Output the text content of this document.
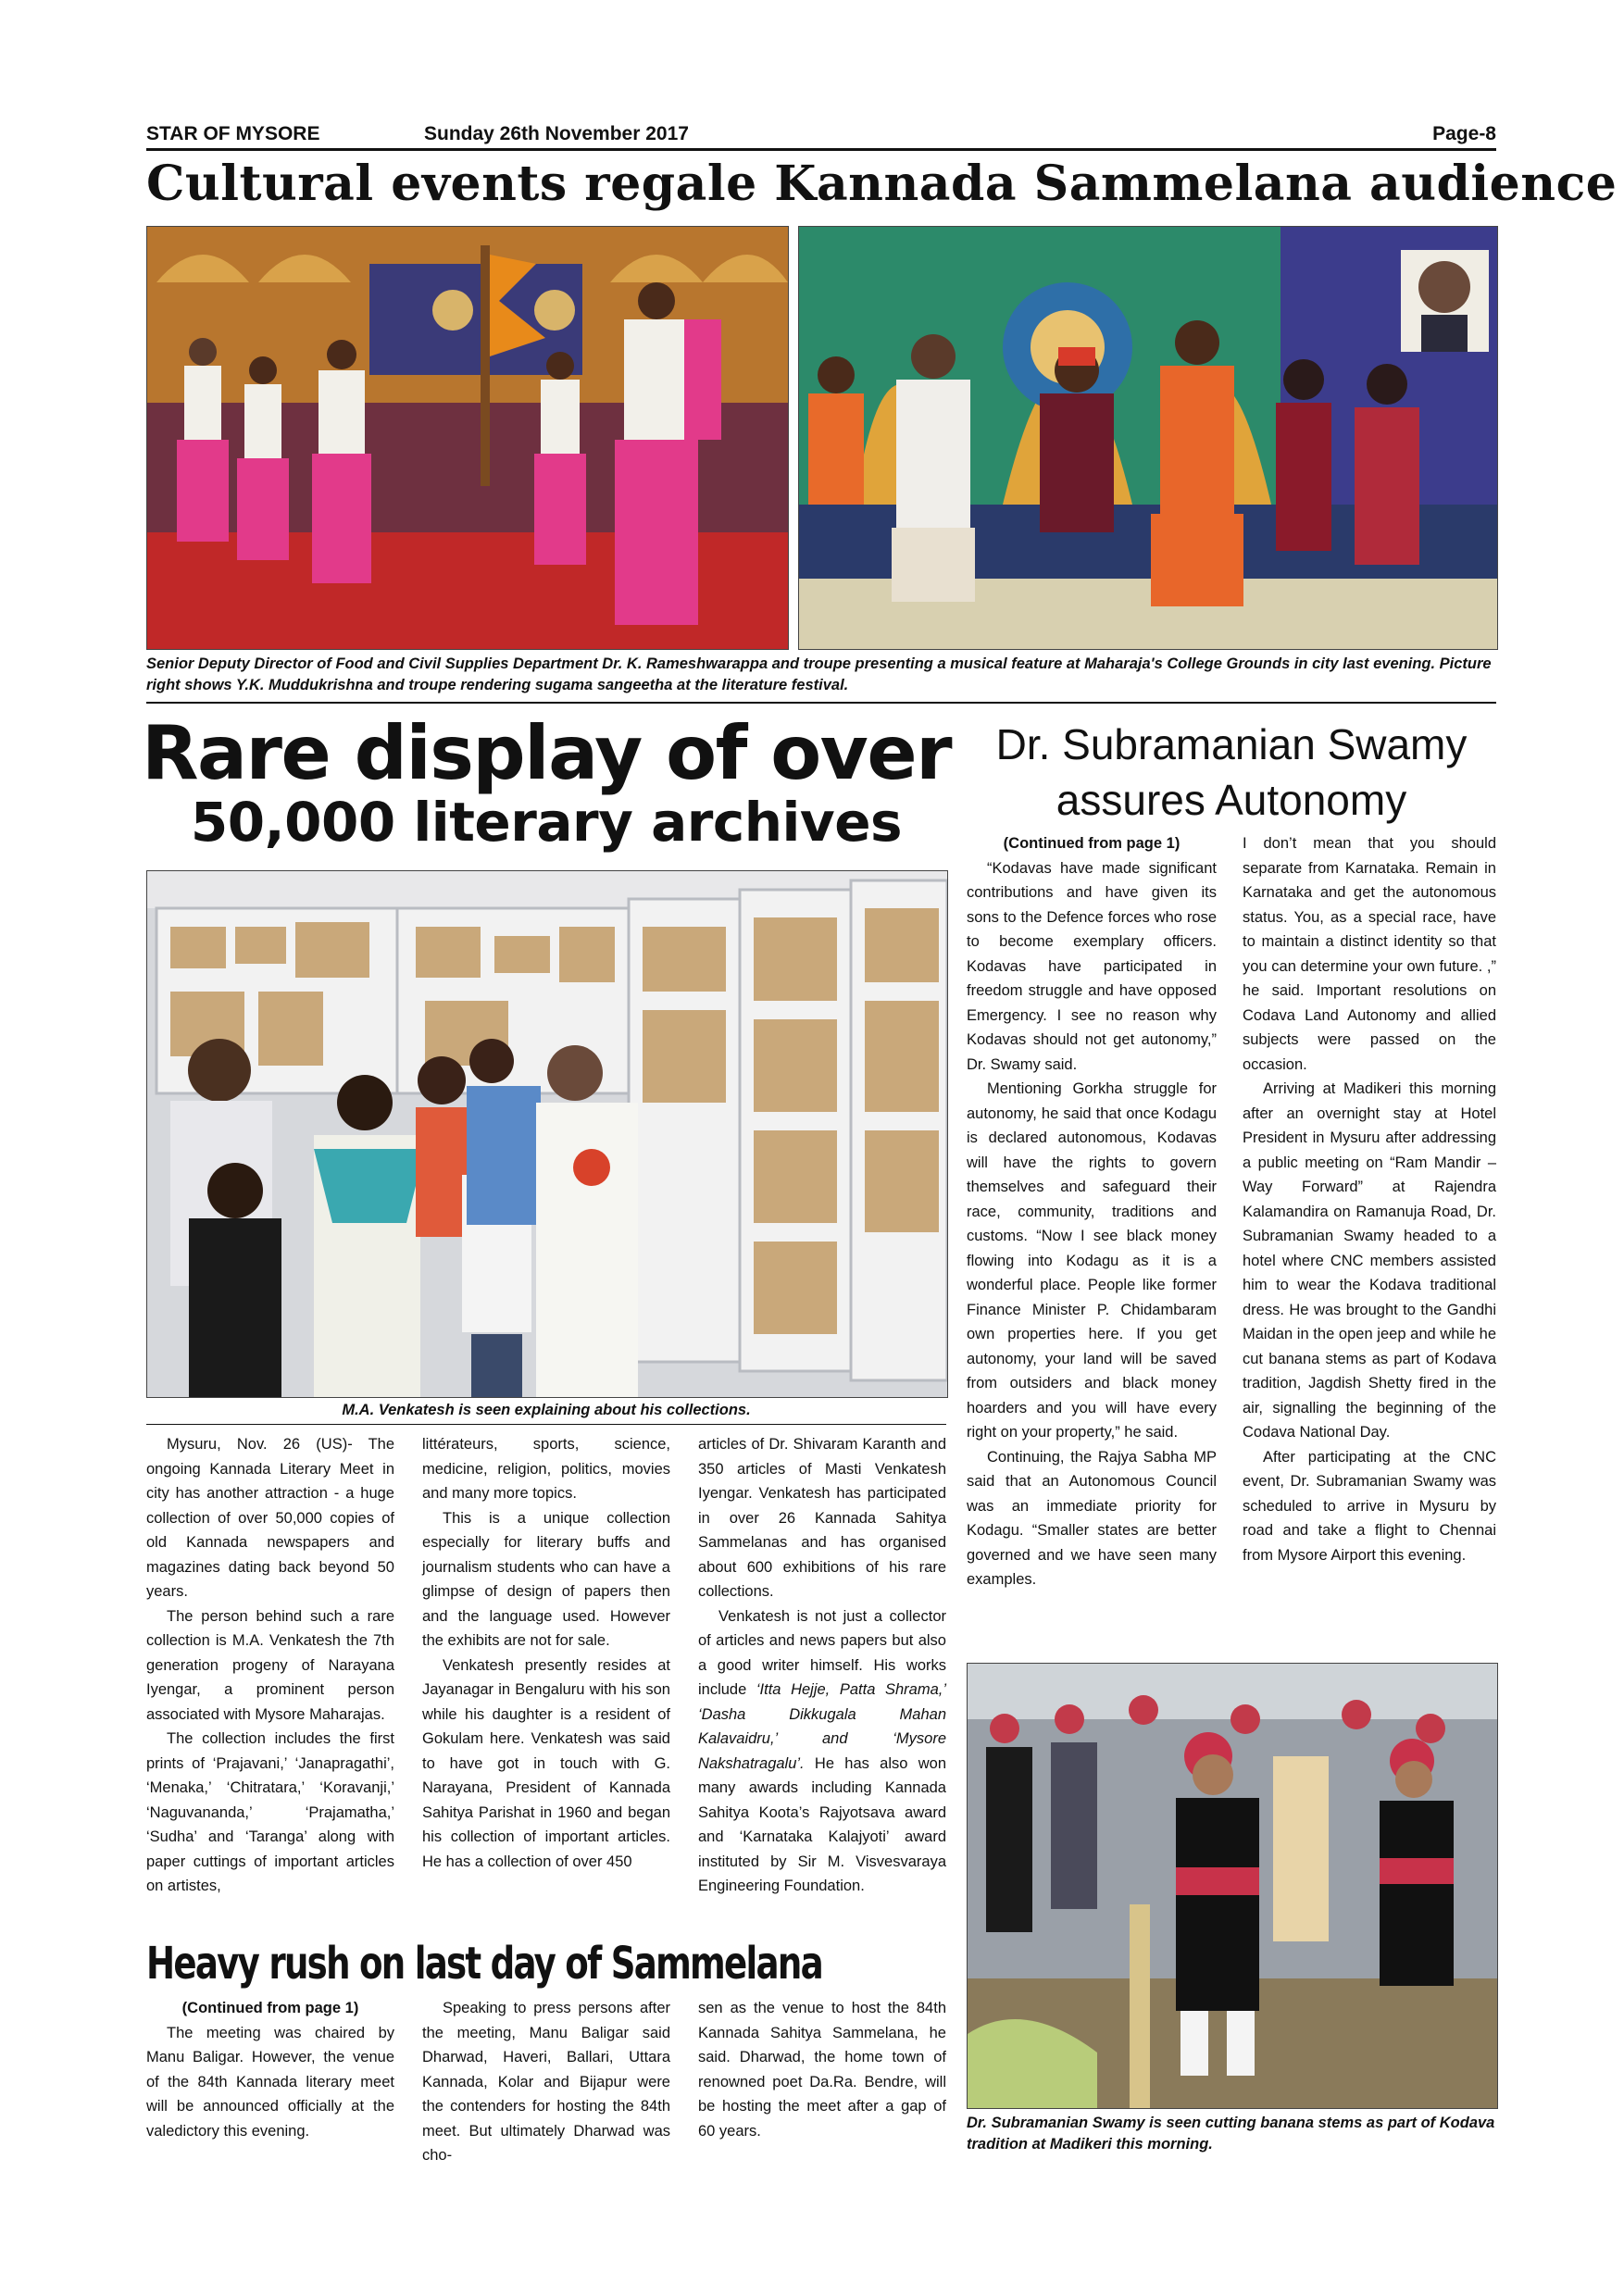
STAR OF MYSORE	Sunday 26th November 2017	Page-8
Cultural events regale Kannada Sammelana audience
Senior Deputy Director of Food and Civil Supplies Department Dr. K. Rameshwarappa and troupe presenting a musical feature at Maharaja's College Grounds in city last evening. Picture right shows Y.K. Muddukrishna and troupe rendering sugama sangeetha at the literature festival.
Rare display of over
50,000 literary archives
M.A. Venkatesh is seen explaining about his collections.

Mysuru, Nov. 26 (US)- The ongoing Kannada Literary Meet in city has another attraction - a huge collection of over 50,000 copies of old Kannada newspapers and magazines dating back beyond 50 years.

The person behind such a rare collection is M.A. Venkatesh the 7th generation progeny of Narayana Iyengar, a prominent person associated with Mysore Maharajas.

The collection includes the first prints of ‘Prajavani,’ ‘Janapragathi’, ‘Menaka,’ ‘Chitratara,’ ‘Koravanji,’ ‘Naguvananda,’ ‘Prajamatha,’ ‘Sudha’ and ‘Taranga’ along with paper cuttings of important articles on artistes,

littérateurs, sports, science, medicine, religion, politics, movies and many more topics.

This is a unique collection especially for literary buffs and journalism students who can have a glimpse of design of papers then and the language used. However the exhibits are not for sale.

Venkatesh presently resides at Jayanagar in Bengaluru with his son while his daughter is a resident of Gokulam here. Venkatesh was said to have got in touch with G. Narayana, President of Kannada Sahitya Parishat in 1960 and began his collection of important articles. He has a collection of over 450

articles of Dr. Shivaram Karanth and 350 articles of Masti Venkatesh Iyengar. Venkatesh has participated in over 26 Kannada Sahitya Sammelanas and has organised about 600 exhibitions of his rare collections.

Venkatesh is not just a collector of articles and news papers but also a good writer himself. His works include ‘Itta Hejje, Patta Shrama,’ ‘Dasha Dikkugala Mahan Kalavaidru,’ and ‘Mysore Nakshatragalu’. He has also won many awards including Kannada Sahitya Koota’s Rajyotsava award and ‘Karnataka Kalajyoti’ award instituted by Sir M. Visvesvaraya Engineering Foundation.

Heavy rush on last day of Sammelana

(Continued from page 1)

The meeting was chaired by Manu Baligar. However, the venue of the 84th Kannada literary meet will be announced officially at the valedictory this evening.

Speaking to press persons after the meeting, Manu Baligar said Dharwad, Haveri, Ballari, Uttara Kannada, Kolar and Bijapur were the contenders for hosting the 84th meet. But ultimately Dharwad was cho-

sen as the venue to host the 84th Kannada Sahitya Sammelana, he said. Dharwad, the home town of renowned poet Da.Ra. Bendre, will be hosting the meet after a gap of 60 years.

Dr. Subramanian Swamy
assures Autonomy

(Continued from page 1)

“Kodavas have made significant contributions and have given its sons to the Defence forces who rose to become exemplary officers. Kodavas have participated in freedom struggle and have opposed Emergency. I see no reason why Kodavas should not get autonomy,” Dr. Swamy said.

Mentioning Gorkha struggle for autonomy, he said that once Kodagu is declared autonomous, Kodavas will have the rights to govern themselves and safeguard their race, community, traditions and customs. “Now I see black money flowing into Kodagu as it is a wonderful place. People like former Finance Minister P. Chidambaram own properties here. If you get autonomy, your land will be saved from outsiders and black money hoarders and you will have every right on your property,” he said.

Continuing, the Rajya Sabha MP said that an Autonomous Council was an immediate priority for Kodagu. “Smaller states are better governed and we have seen many examples.

I don’t mean that you should separate from Karnataka. Remain in Karnataka and get the autonomous status. You, as a special race, have to maintain a distinct identity so that you can determine your own future. ,” he said. Important resolutions on Codava Land Autonomy and allied subjects were passed on the occasion.

Arriving at Madikeri this morning after an overnight stay at Hotel President in Mysuru after addressing a public meeting on “Ram Mandir – Way Forward” at Rajendra Kalamandira on Ramanuja Road, Dr. Subramanian Swamy headed to a hotel where CNC members assisted him to wear the Kodava traditional dress. He was brought to the Gandhi Maidan in the open jeep and while he cut banana stems as part of Kodava tradition, Jagdish Shetty fired in the air, signalling the beginning of the Codava National Day.

After participating at the CNC event, Dr. Subramanian Swamy was scheduled to arrive in Mysuru by road and take a flight to Chennai from Mysore Airport this evening.

Dr. Subramanian Swamy is seen cutting banana stems as part of Kodava tradition at Madikeri this morning.
